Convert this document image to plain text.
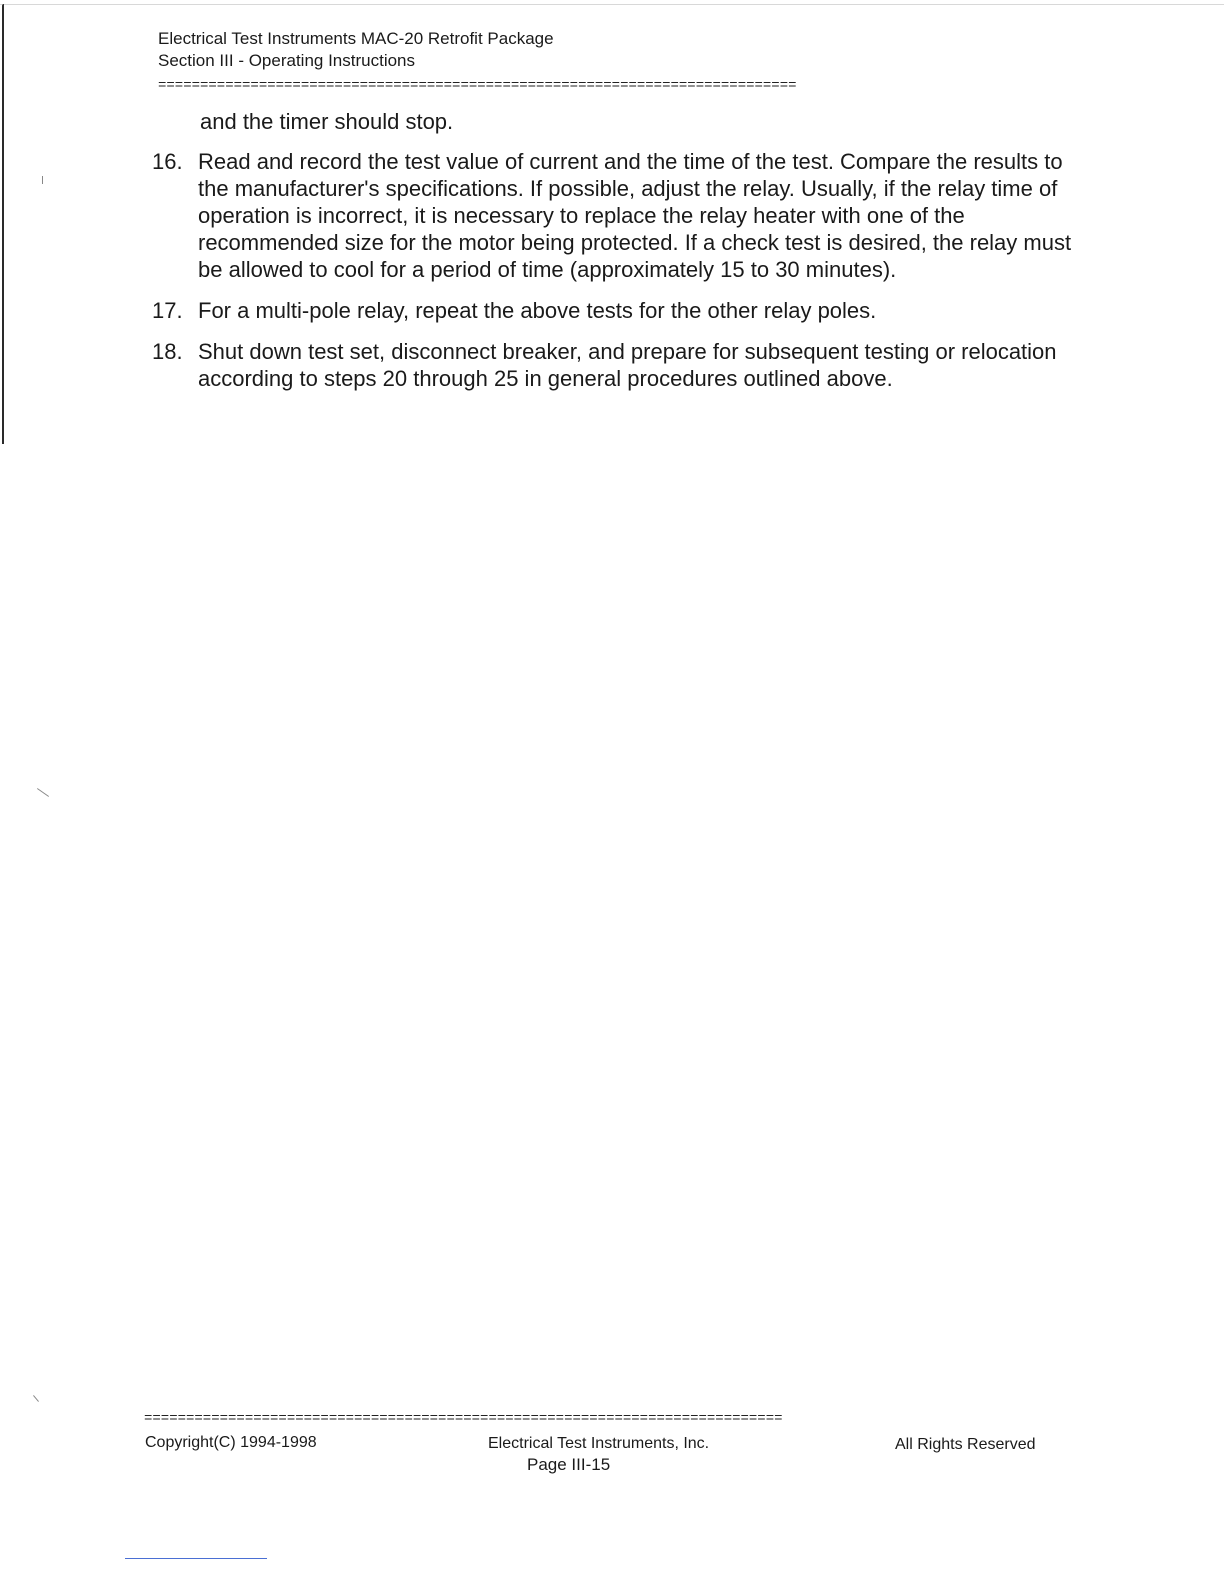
Electrical Test Instruments MAC-20 Retrofit Package
Section III - Operating Instructions
============================================================================
and the timer should stop.
16. Read and record the test value of current and the time of the test. Compare the results to the manufacturer's specifications. If possible, adjust the relay. Usually, if the relay time of operation is incorrect, it is necessary to replace the relay heater with one of the recommended size for the motor being protected. If a check test is desired, the relay must be allowed to cool for a period of time (approximately 15 to 30 minutes).
17. For a multi-pole relay, repeat the above tests for the other relay poles.
18. Shut down test set, disconnect breaker, and prepare for subsequent testing or relocation according to steps 20 through 25 in general procedures outlined above.
============================================================================
Copyright(C) 1994-1998	Electrical Test Instruments, Inc.
Page III-15
All Rights Reserved
